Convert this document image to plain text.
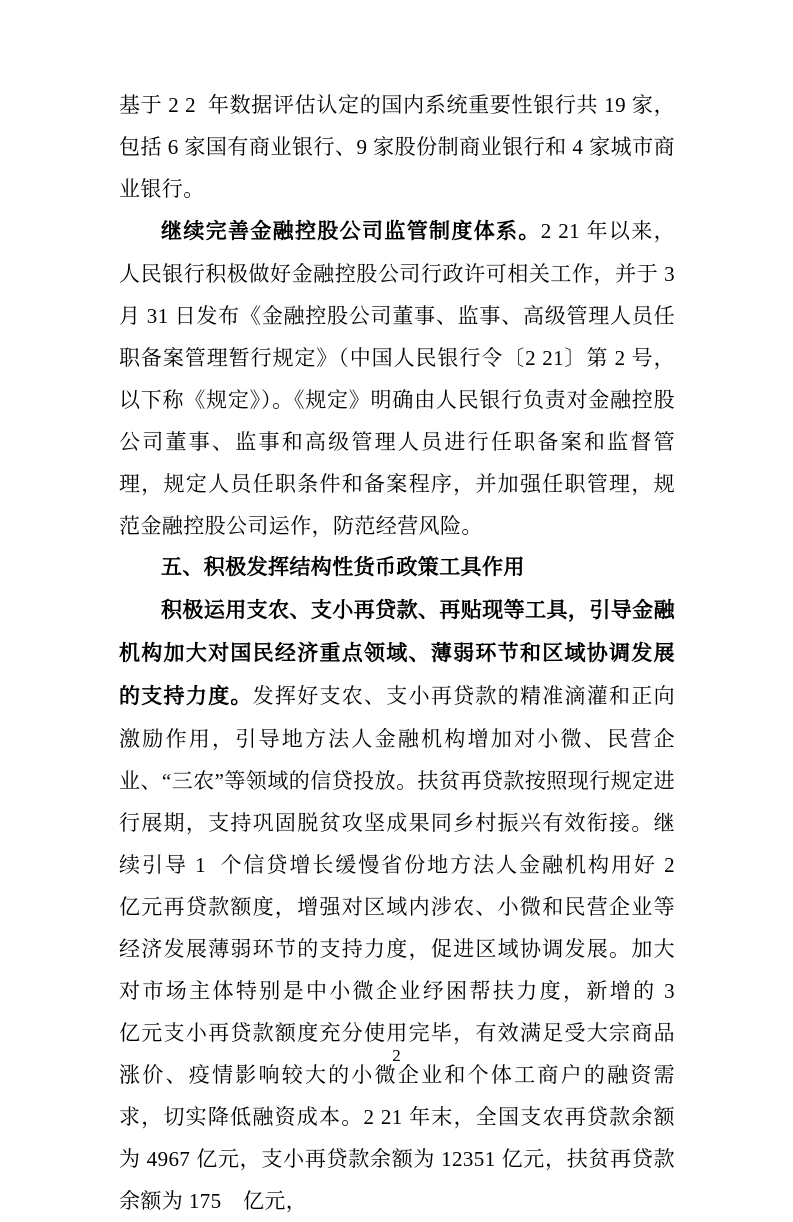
基于 2 2  年数据评估认定的国内系统重要性银行共 19 家，包括 6 家国有商业银行、9 家股份制商业银行和 4 家城市商业银行。

继续完善金融控股公司监管制度体系。2 21 年以来，人民银行积极做好金融控股公司行政许可相关工作，并于 3 月 31 日发布《金融控股公司董事、监事、高级管理人员任职备案管理暂行规定》（中国人民银行令〔2 21〕第 2 号，以下称《规定》）。《规定》明确由人民银行负责对金融控股公司董事、监事和高级管理人员进行任职备案和监督管理，规定人员任职条件和备案程序，并加强任职管理，规范金融控股公司运作，防范经营风险。

五、积极发挥结构性货币政策工具作用

积极运用支农、支小再贷款、再贴现等工具，引导金融机构加大对国民经济重点领域、薄弱环节和区域协调发展的支持力度。发挥好支农、支小再贷款的精准滴灌和正向激励作用，引导地方法人金融机构增加对小微、民营企业、“三农”等领域的信贷投放。扶贫再贷款按照现行规定进行展期，支持巩固脱贫攻坚成果同乡村振兴有效衔接。继续引导 1  个信贷增长缓慢省份地方法人金融机构用好 2　　亿元再贷款额度，增强对区域内涉农、小微和民营企业等经济发展薄弱环节的支持力度，促进区域协调发展。加大对市场主体特别是中小微企业纾困帮扶力度，新增的 3　　亿元支小再贷款额度充分使用完毕，有效满足受大宗商品涨价、疫情影响较大的小微企业和个体工商户的融资需求，切实降低融资成本。2 21 年末，全国支农再贷款余额为 4967 亿元，支小再贷款余额为 12351 亿元，扶贫再贷款余额为 175　亿元，

2
